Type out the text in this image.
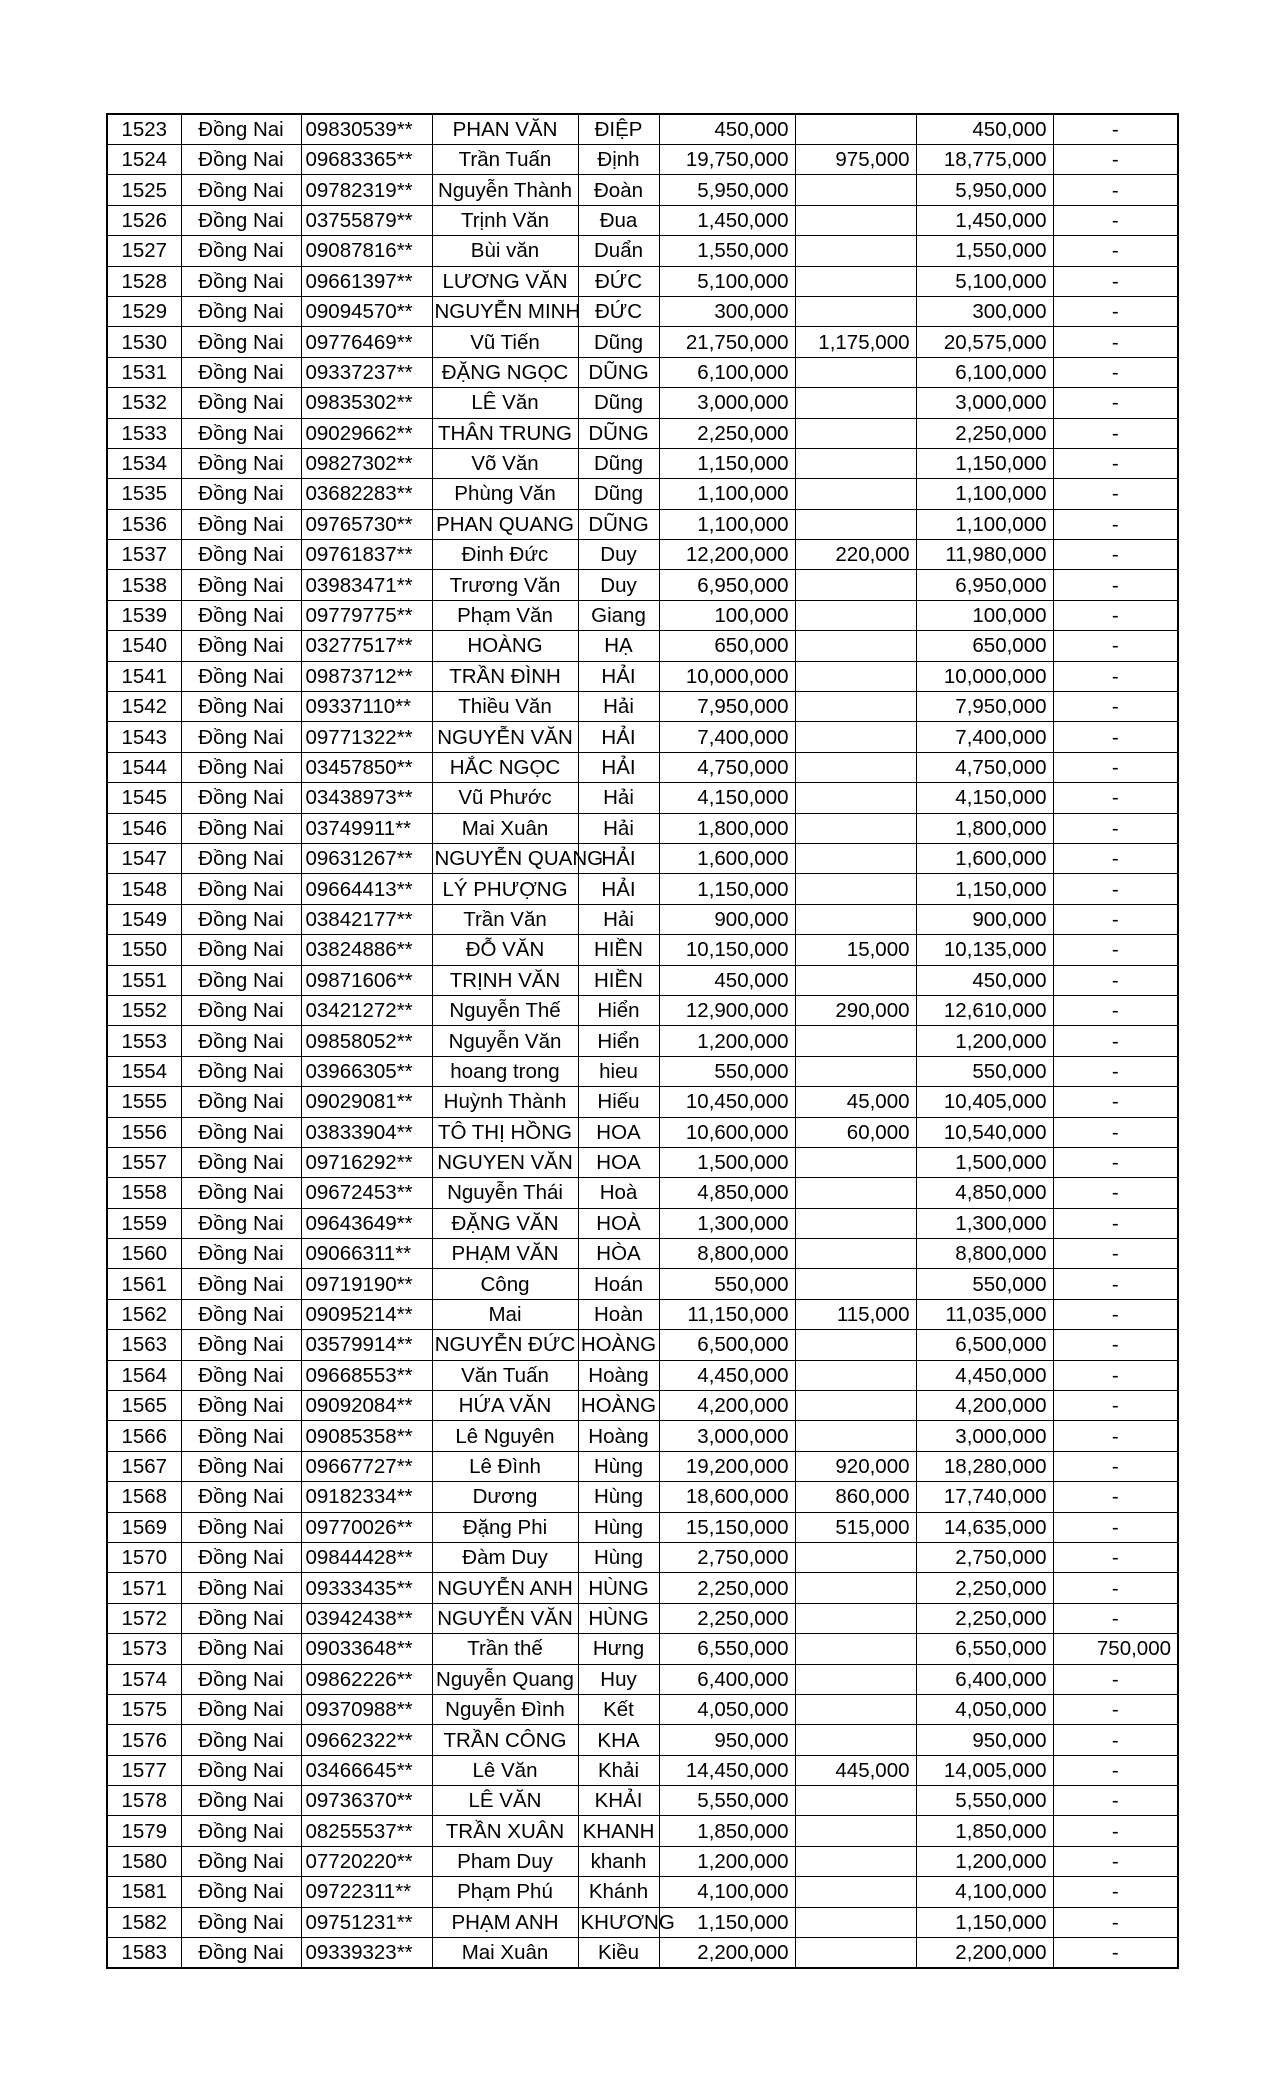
1523	Đồng Nai	09830539**	PHAN VĂN	ĐIỆP	450,000		450,000	-
1524	Đồng Nai	09683365**	Trần Tuấn	Định	19,750,000	975,000	18,775,000	-
1525	Đồng Nai	09782319**	Nguyễn Thành	Đoàn	5,950,000		5,950,000	-
1526	Đồng Nai	03755879**	Trịnh Văn	Đua	1,450,000		1,450,000	-
1527	Đồng Nai	09087816**	Bùi văn	Duẩn	1,550,000		1,550,000	-
1528	Đồng Nai	09661397**	LƯƠNG VĂN	ĐỨC	5,100,000		5,100,000	-
1529	Đồng Nai	09094570**	NGUYỄN MINH	ĐỨC	300,000		300,000	-
1530	Đồng Nai	09776469**	Vũ Tiến	Dũng	21,750,000	1,175,000	20,575,000	-
1531	Đồng Nai	09337237**	ĐẶNG NGỌC	DŨNG	6,100,000		6,100,000	-
1532	Đồng Nai	09835302**	LÊ Văn	Dũng	3,000,000		3,000,000	-
1533	Đồng Nai	09029662**	THÂN TRUNG	DŨNG	2,250,000		2,250,000	-
1534	Đồng Nai	09827302**	Võ Văn	Dũng	1,150,000		1,150,000	-
1535	Đồng Nai	03682283**	Phùng Văn	Dũng	1,100,000		1,100,000	-
1536	Đồng Nai	09765730**	PHAN QUANG	DŨNG	1,100,000		1,100,000	-
1537	Đồng Nai	09761837**	Đinh Đức	Duy	12,200,000	220,000	11,980,000	-
1538	Đồng Nai	03983471**	Trương Văn	Duy	6,950,000		6,950,000	-
1539	Đồng Nai	09779775**	Phạm Văn	Giang	100,000		100,000	-
1540	Đồng Nai	03277517**	HOÀNG	HẠ	650,000		650,000	-
1541	Đồng Nai	09873712**	TRẦN ĐÌNH	HẢI	10,000,000		10,000,000	-
1542	Đồng Nai	09337110**	Thiều Văn	Hải	7,950,000		7,950,000	-
1543	Đồng Nai	09771322**	NGUYỄN VĂN	HẢI	7,400,000		7,400,000	-
1544	Đồng Nai	03457850**	HẮC NGỌC	HẢI	4,750,000		4,750,000	-
1545	Đồng Nai	03438973**	Vũ Phước	Hải	4,150,000		4,150,000	-
1546	Đồng Nai	03749911**	Mai Xuân	Hải	1,800,000		1,800,000	-
1547	Đồng Nai	09631267**	NGUYỄN QUANG	HẢI	1,600,000		1,600,000	-
1548	Đồng Nai	09664413**	LÝ PHƯỢNG	HẢI	1,150,000		1,150,000	-
1549	Đồng Nai	03842177**	Trần Văn	Hải	900,000		900,000	-
1550	Đồng Nai	03824886**	ĐỖ VĂN	HIỀN	10,150,000	15,000	10,135,000	-
1551	Đồng Nai	09871606**	TRỊNH VĂN	HIỀN	450,000		450,000	-
1552	Đồng Nai	03421272**	Nguyễn Thế	Hiển	12,900,000	290,000	12,610,000	-
1553	Đồng Nai	09858052**	Nguyễn Văn	Hiển	1,200,000		1,200,000	-
1554	Đồng Nai	03966305**	hoang trong	hieu	550,000		550,000	-
1555	Đồng Nai	09029081**	Huỳnh Thành	Hiếu	10,450,000	45,000	10,405,000	-
1556	Đồng Nai	03833904**	TÔ THỊ HỒNG	HOA	10,600,000	60,000	10,540,000	-
1557	Đồng Nai	09716292**	NGUYEN VĂN	HOA	1,500,000		1,500,000	-
1558	Đồng Nai	09672453**	Nguyễn Thái	Hoà	4,850,000		4,850,000	-
1559	Đồng Nai	09643649**	ĐẶNG VĂN	HOÀ	1,300,000		1,300,000	-
1560	Đồng Nai	09066311**	PHẠM VĂN	HÒA	8,800,000		8,800,000	-
1561	Đồng Nai	09719190**	Công	Hoán	550,000		550,000	-
1562	Đồng Nai	09095214**	Mai	Hoàn	11,150,000	115,000	11,035,000	-
1563	Đồng Nai	03579914**	NGUYỄN ĐỨC	HOÀNG	6,500,000		6,500,000	-
1564	Đồng Nai	09668553**	Văn Tuấn	Hoàng	4,450,000		4,450,000	-
1565	Đồng Nai	09092084**	HỨA VĂN	HOÀNG	4,200,000		4,200,000	-
1566	Đồng Nai	09085358**	Lê Nguyên	Hoàng	3,000,000		3,000,000	-
1567	Đồng Nai	09667727**	Lê Đình	Hùng	19,200,000	920,000	18,280,000	-
1568	Đồng Nai	09182334**	Dương	Hùng	18,600,000	860,000	17,740,000	-
1569	Đồng Nai	09770026**	Đặng Phi	Hùng	15,150,000	515,000	14,635,000	-
1570	Đồng Nai	09844428**	Đàm Duy	Hùng	2,750,000		2,750,000	-
1571	Đồng Nai	09333435**	NGUYỄN ANH	HÙNG	2,250,000		2,250,000	-
1572	Đồng Nai	03942438**	NGUYỄN VĂN	HÙNG	2,250,000		2,250,000	-
1573	Đồng Nai	09033648**	Trần thế	Hưng	6,550,000		6,550,000	750,000
1574	Đồng Nai	09862226**	Nguyễn Quang	Huy	6,400,000		6,400,000	-
1575	Đồng Nai	09370988**	Nguyễn Đình	Kết	4,050,000		4,050,000	-
1576	Đồng Nai	09662322**	TRẦN CÔNG	KHA	950,000		950,000	-
1577	Đồng Nai	03466645**	Lê Văn	Khải	14,450,000	445,000	14,005,000	-
1578	Đồng Nai	09736370**	LÊ VĂN	KHẢI	5,550,000		5,550,000	-
1579	Đồng Nai	08255537**	TRẦN XUÂN	KHANH	1,850,000		1,850,000	-
1580	Đồng Nai	07720220**	Pham Duy	khanh	1,200,000		1,200,000	-
1581	Đồng Nai	09722311**	Phạm Phú	Khánh	4,100,000		4,100,000	-
1582	Đồng Nai	09751231**	PHẠM ANH	KHƯƠNG	1,150,000		1,150,000	-
1583	Đồng Nai	09339323**	Mai Xuân	Kiều	2,200,000		2,200,000	-
